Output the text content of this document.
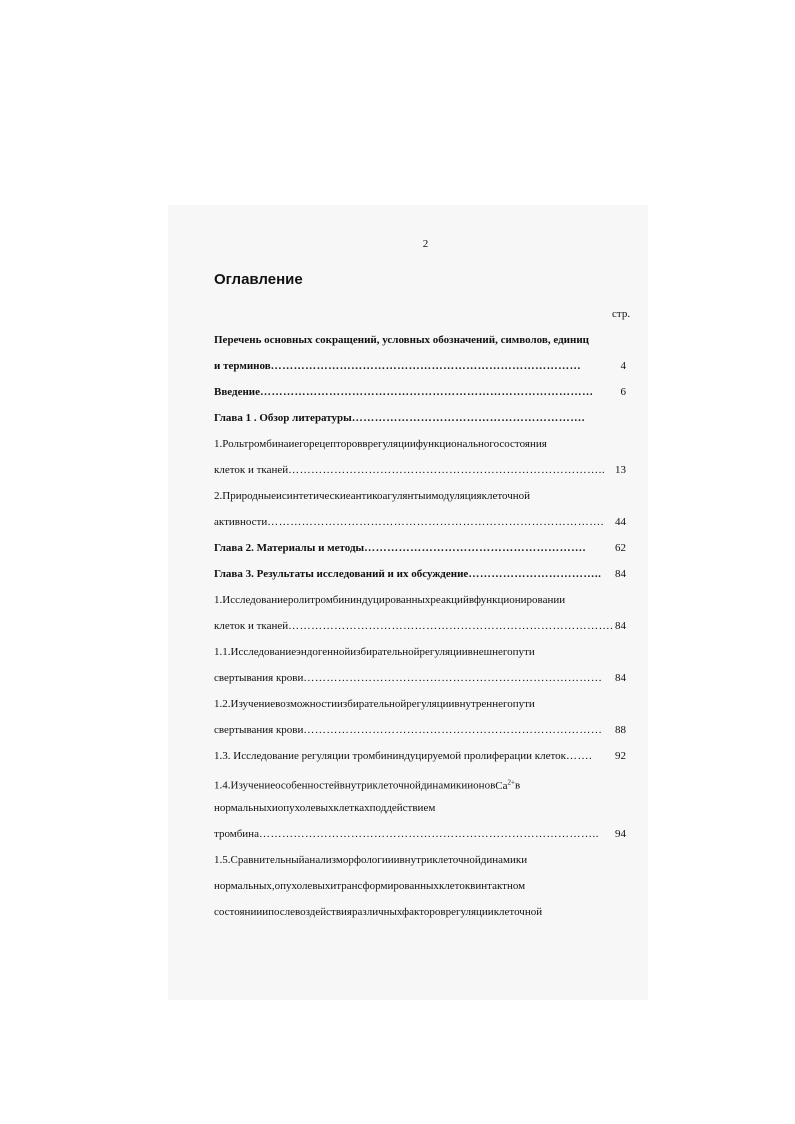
2
Оглавление
стр.
Перечень основных сокращений, условных обозначений, символов, единиц
и терминов………………………………………………………………………	4
Введение…………………………………………………………………………… 6
Глава 1 . Обзор литературы…………………………………………………….
1.Рольтромбинаиегорецепторовврегуляциифункциональногосостояния
клеток и тканей……………………………………………………………………….. 13
2.Природныеисинтетическиеантикоагулянтыимодуляцияклеточной
активности……………………………………………………………………………. 44
Глава 2. Материалы и методы………………………………………………….	62
Глава 3. Результаты исследований и их обсуждение…………………………….. 84
1.Исследованиеролитромбининдуцированныхреакцийвфункционировании
клеток и тканей…………………………………………………………………………. 84
1.1.Исследованиеэндогеннойизбирательнойрегуляциивнешнегопути
свертывания крови…………………………………………………………………… 84
1.2.Изучениевозможностиизбирательнойрегуляциивнутреннегопути
свертывания крови…………………………………………………………………… 88
1.3. Исследование регуляции тромбининдуцируемой пролиферации клеток……. 92
1.4.ИзучениеособенностейвнутриклеточнойдинамикиионовCa$^{2+}$в
нормальныхиопухолевыхклеткахподдействием
тромбина…………………………………………………………………………….. 94
1.5.Сравнительныйанализморфологииивнутриклеточнойдинамики
нормальных,опухолевыхитрансформированныхклетоквинтактном
состоянииипослевоздействияразличныхфактороврегуляцииклеточной
